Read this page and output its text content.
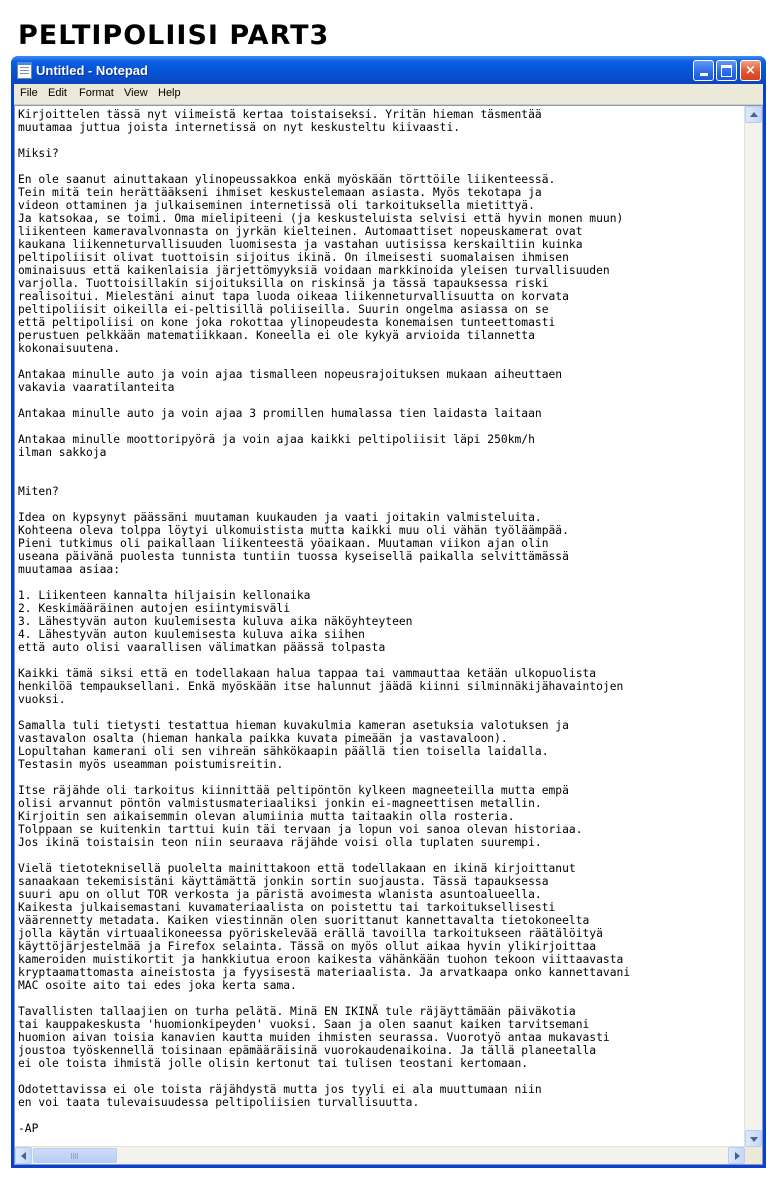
PELTIPOLIISI PART3
Untitled - Notepad	×
File Edit Format View Help
Kirjoittelen tässä nyt viimeistä kertaa toistaiseksi. Yritän hieman täsmentää
muutamaa juttua joista internetissä on nyt keskusteltu kiivaasti.

Miksi?

En ole saanut ainuttakaan ylinopeussakkoa enkä myöskään törttöile liikenteessä.
Tein mitä tein herättääkseni ihmiset keskustelemaan asiasta. Myös tekotapa ja
videon ottaminen ja julkaiseminen internetissä oli tarkoituksella mietittyä.
Ja katsokaa, se toimi. Oma mielipiteeni (ja keskusteluista selvisi että hyvin monen muun)
liikenteen kameravalvonnasta on jyrkän kielteinen. Automaattiset nopeuskamerat ovat
kaukana liikenneturvallisuuden luomisesta ja vastahan uutisissa kerskailtiin kuinka
peltipoliisit olivat tuottoisin sijoitus ikinä. On ilmeisesti suomalaisen ihmisen
ominaisuus että kaikenlaisia järjettömyyksiä voidaan markkinoida yleisen turvallisuuden
varjolla. Tuottoisillakin sijoituksilla on riskinsä ja tässä tapauksessa riski
realisoitui. Mielestäni ainut tapa luoda oikeaa liikenneturvallisuutta on korvata
peltipoliisit oikeilla ei-peltisillä poliiseilla. Suurin ongelma asiassa on se
että peltipoliisi on kone joka rokottaa ylinopeudesta konemaisen tunteettomasti
perustuen pelkkään matematiikkaan. Koneella ei ole kykyä arvioida tilannetta
kokonaisuutena.

Antakaa minulle auto ja voin ajaa tismalleen nopeusrajoituksen mukaan aiheuttaen
vakavia vaaratilanteita

Antakaa minulle auto ja voin ajaa 3 promillen humalassa tien laidasta laitaan

Antakaa minulle moottoripyörä ja voin ajaa kaikki peltipoliisit läpi 250km/h
ilman sakkoja

Miten?

Idea on kypsynyt päässäni muutaman kuukauden ja vaati joitakin valmisteluita.
Kohteena oleva tolppa löytyi ulkomuistista mutta kaikki muu oli vähän työläämpää.
Pieni tutkimus oli paikallaan liikenteestä yöaikaan. Muutaman viikon ajan olin
useana päivänä puolesta tunnista tuntiin tuossa kyseisellä paikalla selvittämässä
muutamaa asiaa:

1. Liikenteen kannalta hiljaisin kellonaika
2. Keskimääräinen autojen esiintymisväli
3. Lähestyvän auton kuulemisesta kuluva aika näköyhteyteen
4. Lähestyvän auton kuulemisesta kuluva aika siihen
että auto olisi vaarallisen välimatkan päässä tolpasta

Kaikki tämä siksi että en todellakaan halua tappaa tai vammauttaa ketään ulkopuolista
henkilöä tempauksellani. Enkä myöskään itse halunnut jäädä kiinni silminnäkijähavaintojen
vuoksi.

Samalla tuli tietysti testattua hieman kuvakulmia kameran asetuksia valotuksen ja
vastavalon osalta (hieman hankala paikka kuvata pimeään ja vastavaloon).
Lopultahan kamerani oli sen vihreän sähkökaapin päällä tien toisella laidalla.
Testasin myös useamman poistumisreitin.

Itse räjähde oli tarkoitus kiinnittää peltipöntön kylkeen magneeteilla mutta empä
olisi arvannut pöntön valmistusmateriaaliksi jonkin ei-magneettisen metallin.
Kirjoitin sen aikaisemmin olevan alumiinia mutta taitaakin olla rosteria.
Tolppaan se kuitenkin tarttui kuin täi tervaan ja lopun voi sanoa olevan historiaa.
Jos ikinä toistaisin teon niin seuraava räjähde voisi olla tuplaten suurempi.

Vielä tietoteknisellä puolelta mainittakoon että todellakaan en ikinä kirjoittanut
sanaakaan tekemisistäni käyttämättä jonkin sortin suojausta. Tässä tapauksessa
suuri apu on ollut TOR verkosta ja päristä avoimesta wlanista asuntoalueella.
Kaikesta julkaisemastani kuvamateriaalista on poistettu tai tarkoituksellisesti
väärennetty metadata. Kaiken viestinnän olen suorittanut kannettavalta tietokoneelta
jolla käytän virtuaalikoneessa pyöriskelevää erällä tavoilla tarkoitukseen räätälöityä
käyttöjärjestelmää ja Firefox selainta. Tässä on myös ollut aikaa hyvin ylikirjoittaa
kameroiden muistikortit ja hankkiutua eroon kaikesta vähänkään tuohon tekoon viittaavasta
kryptaamattomasta aineistosta ja fyysisestä materiaalista. Ja arvatkaapa onko kannettavani
MAC osoite aito tai edes joka kerta sama.

Tavallisten tallaajien on turha pelätä. Minä EN IKINÄ tule räjäyttämään päiväkotia
tai kauppakeskusta 'huomionkipeyden' vuoksi. Saan ja olen saanut kaiken tarvitsemani
huomion aivan toisia kanavien kautta muiden ihmisten seurassa. Vuorotyö antaa mukavasti
joustoa työskennellä toisinaan epämääräisinä vuorokaudenaikoina. Ja tällä planeetalla
ei ole toista ihmistä jolle olisin kertonut tai tulisen teostani kertomaan.

Odotettavissa ei ole toista räjähdystä mutta jos tyyli ei ala muuttumaan niin
en voi taata tulevaisuudessa peltipoliisien turvallisuutta.

-AP
